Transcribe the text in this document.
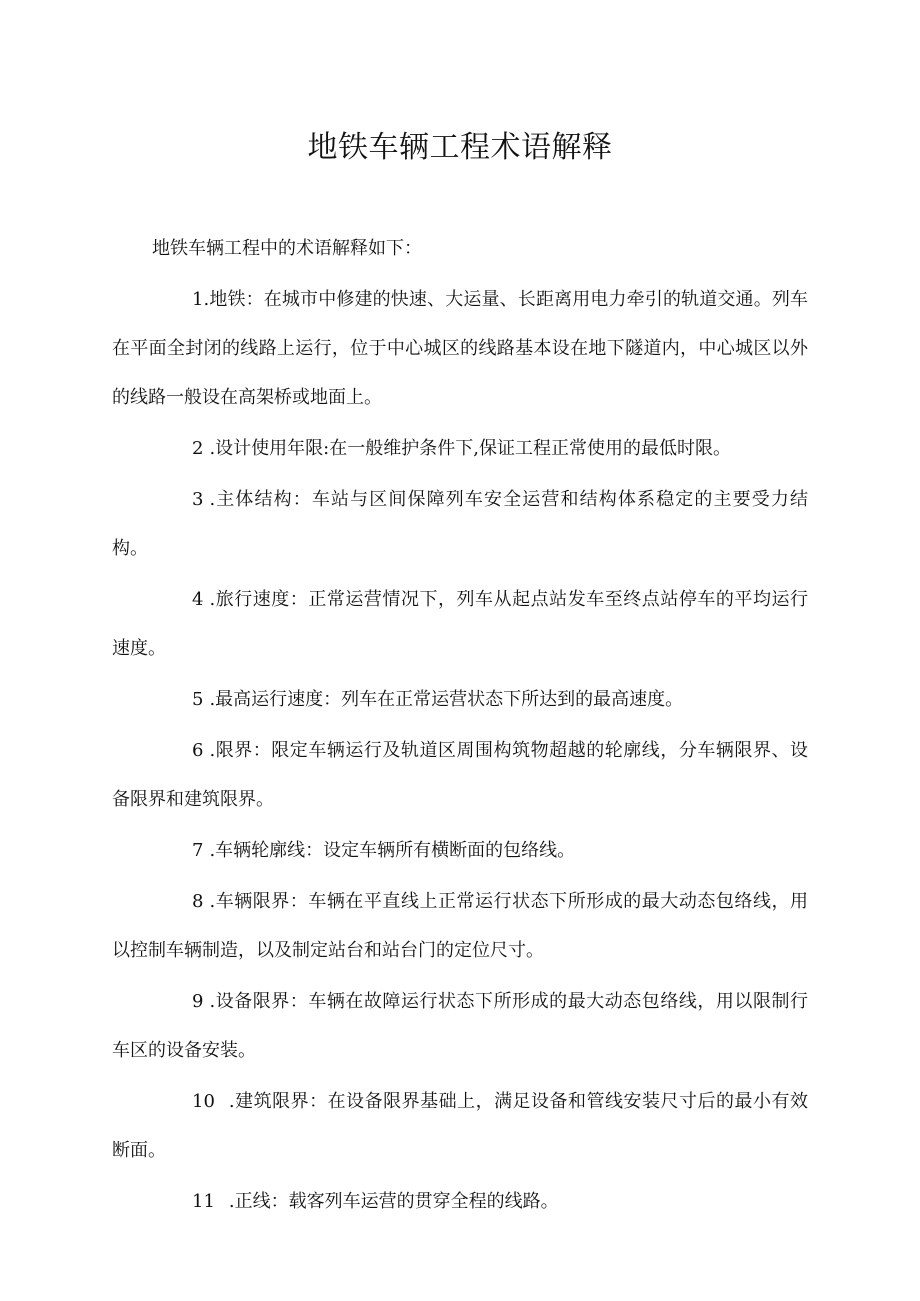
地铁车辆工程术语解释

地铁车辆工程中的术语解释如下：

1.地铁：在城市中修建的快速、大运量、长距离用电力牵引的轨道交通。列车在平面全封闭的线路上运行，位于中心城区的线路基本设在地下隧道内，中心城区以外的线路一般设在高架桥或地面上。

2 .设计使用年限:在一般维护条件下,保证工程正常使用的最低时限。

3 .主体结构：车站与区间保障列车安全运营和结构体系稳定的主要受力结构。

4 .旅行速度：正常运营情况下，列车从起点站发车至终点站停车的平均运行速度。

5 .最高运行速度：列车在正常运营状态下所达到的最高速度。

6 .限界：限定车辆运行及轨道区周围构筑物超越的轮廓线，分车辆限界、设备限界和建筑限界。

7 .车辆轮廓线：设定车辆所有横断面的包络线。

8 .车辆限界：车辆在平直线上正常运行状态下所形成的最大动态包络线，用以控制车辆制造，以及制定站台和站台门的定位尺寸。

9 .设备限界：车辆在故障运行状态下所形成的最大动态包络线，用以限制行车区的设备安装。

10 .建筑限界：在设备限界基础上，满足设备和管线安装尺寸后的最小有效断面。

11 .正线：载客列车运营的贯穿全程的线路。
